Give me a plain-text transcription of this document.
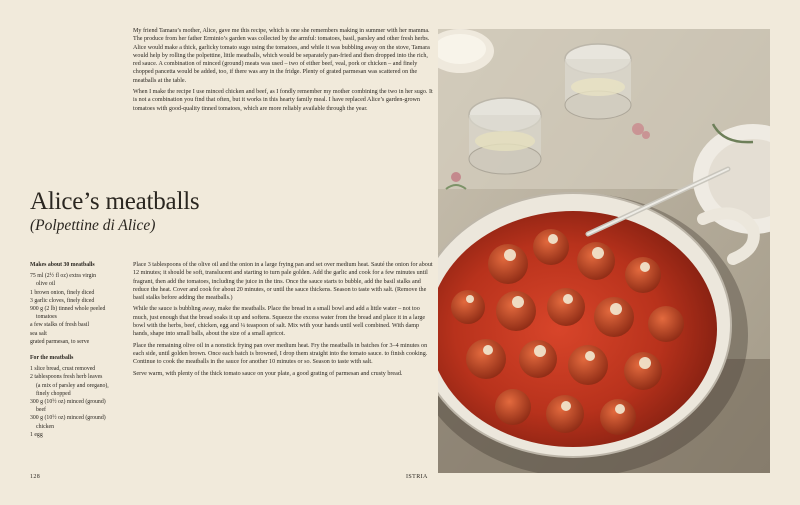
My friend Tamara’s mother, Alice, gave me this recipe, which is one she remembers making in summer with her mamma. The produce from her father Erminio’s garden was collected by the armful: tomatoes, basil, parsley and other fresh herbs. Alice would make a thick, garlicky tomato sugo using the tomatoes, and while it was bubbling away on the stove, Tamara would help by rolling the polpettine, little meatballs, which would be separately pan-fried and then dropped into the rich, red sauce. A combination of minced (ground) meats was used – two of either beef, veal, pork or chicken – and finely chopped pancetta would be added, too, if there was any in the fridge. Plenty of grated parmesan was scattered on the meatballs at the table.

When I make the recipe I use minced chicken and beef, as I fondly remember my mother combining the two in her sugo. It is not a combination you find that often, but it works in this hearty family meal. I have replaced Alice’s garden-grown tomatoes with good-quality tinned tomatoes, which are more reliably available through the year.

Alice’s meatballs
(Polpettine di Alice)
Makes about 30 meatballs
75 ml (2½ fl oz) extra virgin
olive oil
1 brown onion, finely diced
3 garlic cloves, finely diced
900 g (2 lb) tinned whole peeled
tomatoes
a few stalks of fresh basil
sea salt
grated parmesan, to serve
For the meatballs
1 slice bread, crust removed
2 tablespoons fresh herb leaves
(a mix of parsley and oregano), finely chopped
300 g (10½ oz) minced (ground)
beef
300 g (10½ oz) minced (ground)
chicken
1 egg

Place 3 tablespoons of the olive oil and the onion in a large frying pan and set over medium heat. Sauté the onion for about 12 minutes; it should be soft, translucent and starting to turn pale golden. Add the garlic and cook for a few minutes until fragrant, then add the tomatoes, including the juice in the tins. Once the sauce starts to bubble, add the basil stalks and reduce the heat. Cover and cook for about 20 minutes, or until the sauce thickens. Season to taste with salt. (Remove the basil stalks before adding the meatballs.)

While the sauce is bubbling away, make the meatballs. Place the bread in a small bowl and add a little water – not too much, just enough that the bread soaks it up and softens. Squeeze the excess water from the bread and place it in a large bowl with the herbs, beef, chicken, egg and ¼ teaspoon of salt. Mix with your hands until well combined. With damp hands, shape into small balls, about the size of a small apricot.

Place the remaining olive oil in a nonstick frying pan over medium heat. Fry the meatballs in batches for 3–4 minutes on each side, until golden brown. Once each batch is browned, I drop them straight into the tomato sauce. to finish cooking. Continue to cook the meatballs in the sauce for another 10 minutes or so. Season to taste with salt.

Serve warm, with plenty of the thick tomato sauce on your plate, a good grating of parmesan and crusty bread.

128	ISTRIA
